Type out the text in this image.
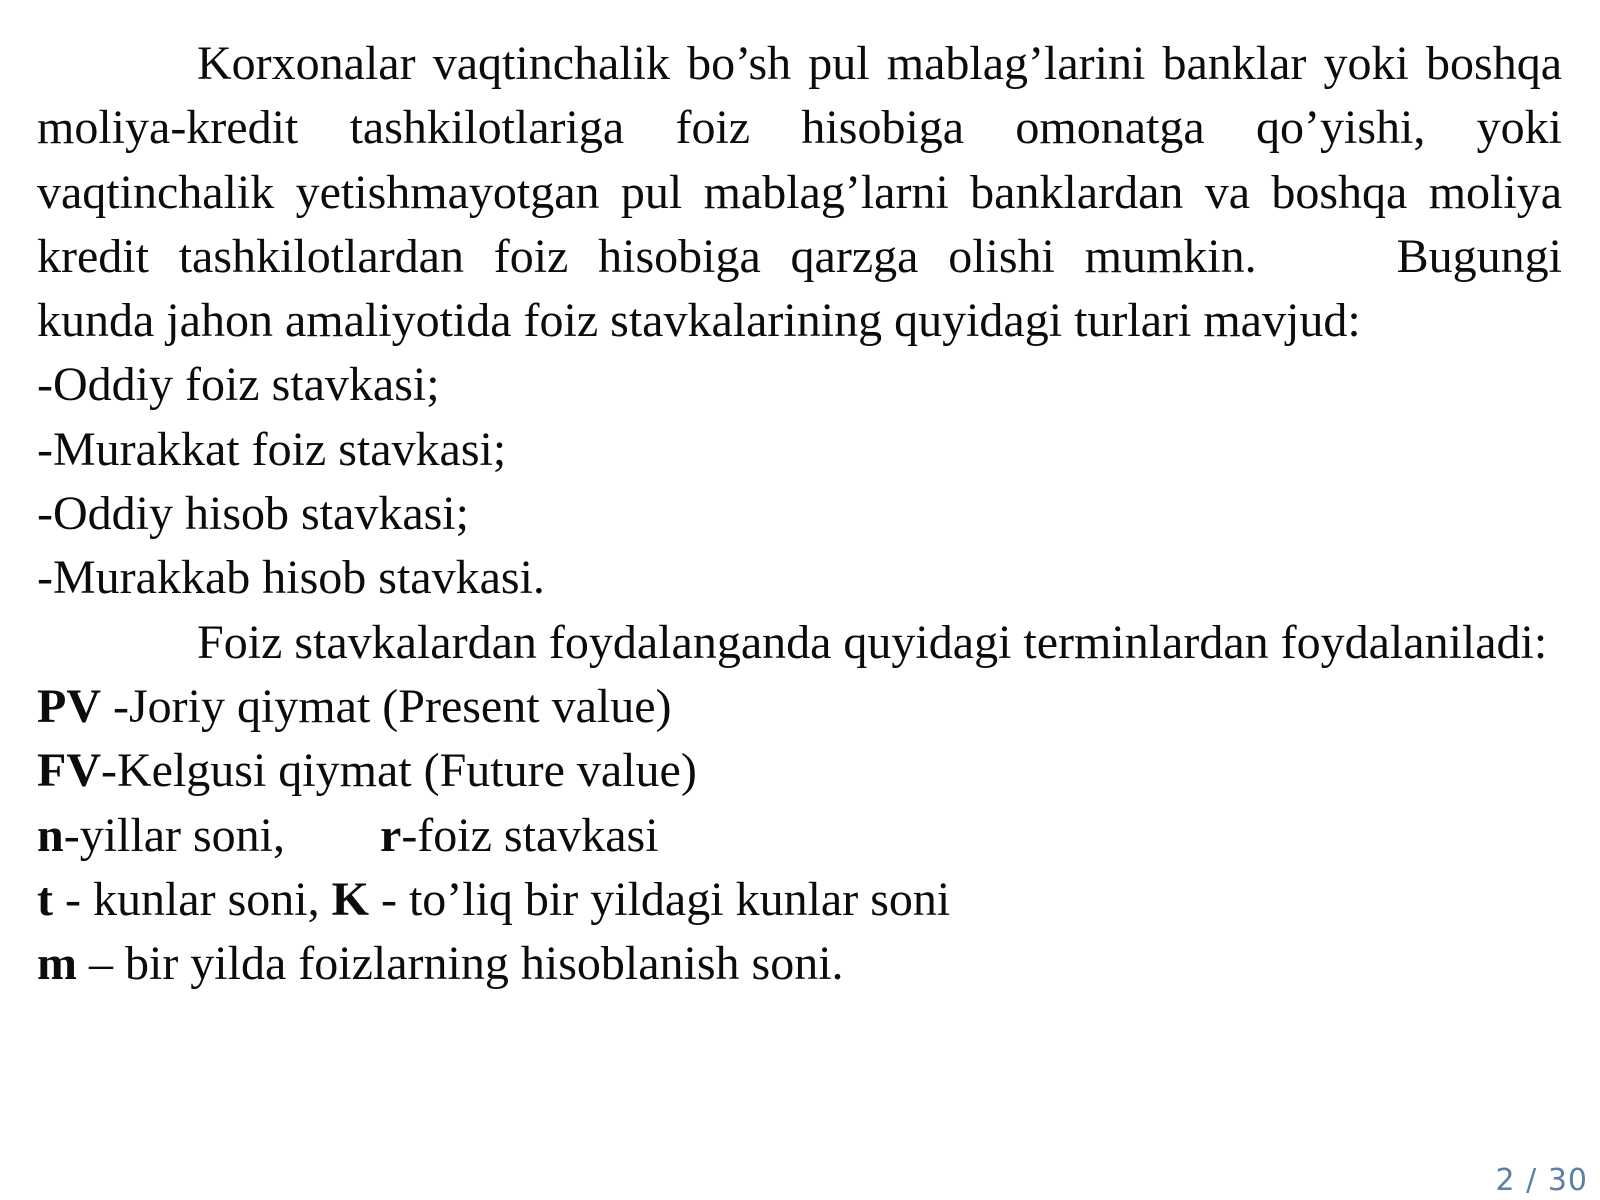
Korxonalar vaqtinchalik bo’sh pul mablag’larini banklar yoki boshqa moliya-kredit tashkilotlariga foiz hisobiga omonatga qo’yishi, yoki vaqtinchalik yetishmayotgan pul mablag’larni banklardan va boshqa moliya kredit tashkilotlardan foiz hisobiga qarzga olishi mumkin.	Bugungi kunda jahon amaliyotida foiz stavkalarining quyidagi turlari mavjud:

-Oddiy foiz stavkasi;

-Murakkat foiz stavkasi;

-Oddiy hisob stavkasi;

-Murakkab hisob stavkasi.

Foiz stavkalardan foydalanganda quyidagi terminlardan foydalaniladi:

PV -Joriy qiymat (Present value)

FV-Kelgusi qiymat (Future value)

n-yillar soni, r-foiz stavkasi

t - kunlar soni, K - to’liq bir yildagi kunlar soni

m – bir yilda foizlarning hisoblanish soni.

2 / 30
